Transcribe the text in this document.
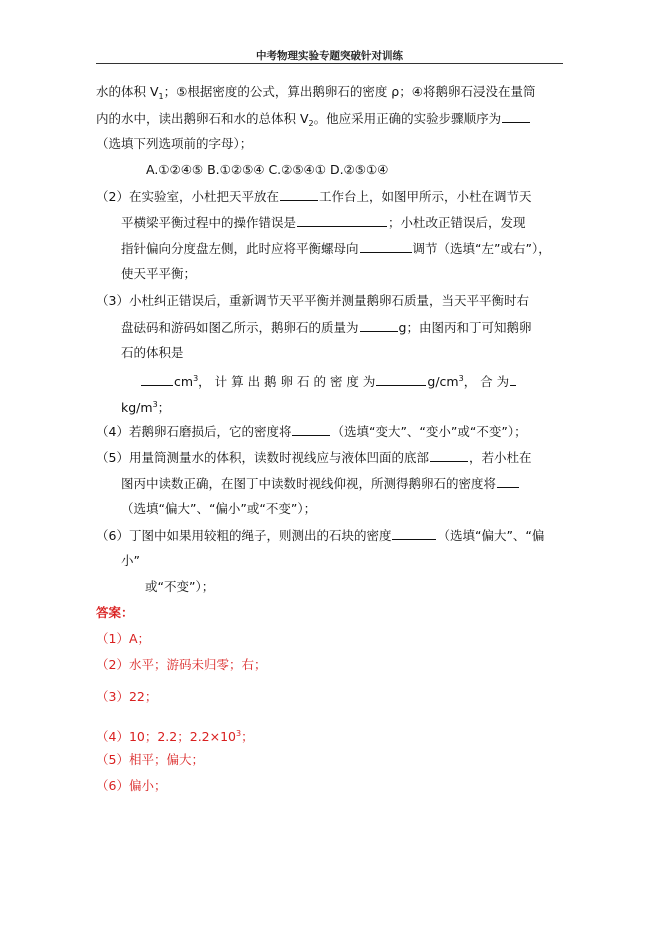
中考物理实验专题突破针对训练
水的体积 $V_1$；⑤根据密度的公式，算出鹅卵石的密度 ρ；④将鹅卵石浸没在量筒
内的水中，读出鹅卵石和水的总体积 $V_2$。他应采用正确的实验步骤顺序为
（选填下列选项前的字母）；
A.①②④⑤ B.①②⑤④ C.②⑤④① D.②⑤①④
（2）在实验室，小杜把天平放在	工作台上，如图甲所示，小杜在调节天
平横梁平衡过程中的操作错误是	；小杜改正错误后，发现
指针偏向分度盘左侧，此时应将平衡螺母向	调节（选填“左”或右”），
使天平平衡；
（3）小杜纠正错误后，重新调节天平平衡并测量鹅卵石质量，当天平平衡时右
盘砝码和游码如图乙所示，鹅卵石的质量为	g；由图丙和丁可知鹅卵
石的体积是
$cm^3$， 计 算 出 鹅 卵 石 的 密 度 为	$g/cm^3$， 合 为
$kg/m^3$；
（4）若鹅卵石磨损后，它的密度将	（选填“变大”、“变小”或“不变”）；
（5）用量筒测量水的体积，读数时视线应与液体凹面的底部	，若小杜在
图丙中读数正确，在图丁中读数时视线仰视，所测得鹅卵石的密度将
（选填“偏大”、“偏小”或“不变”）；
（6）丁图中如果用较粗的绳子，则测出的石块的密度	（选填“偏大”、“偏
小”
或“不变”）；
答案：
（1）A；
（2）水平；游码未归零；右；
（3）22；
（4）10；2.2；$2.2\times 10^3$；
（5）相平；偏大；
（6）偏小；
